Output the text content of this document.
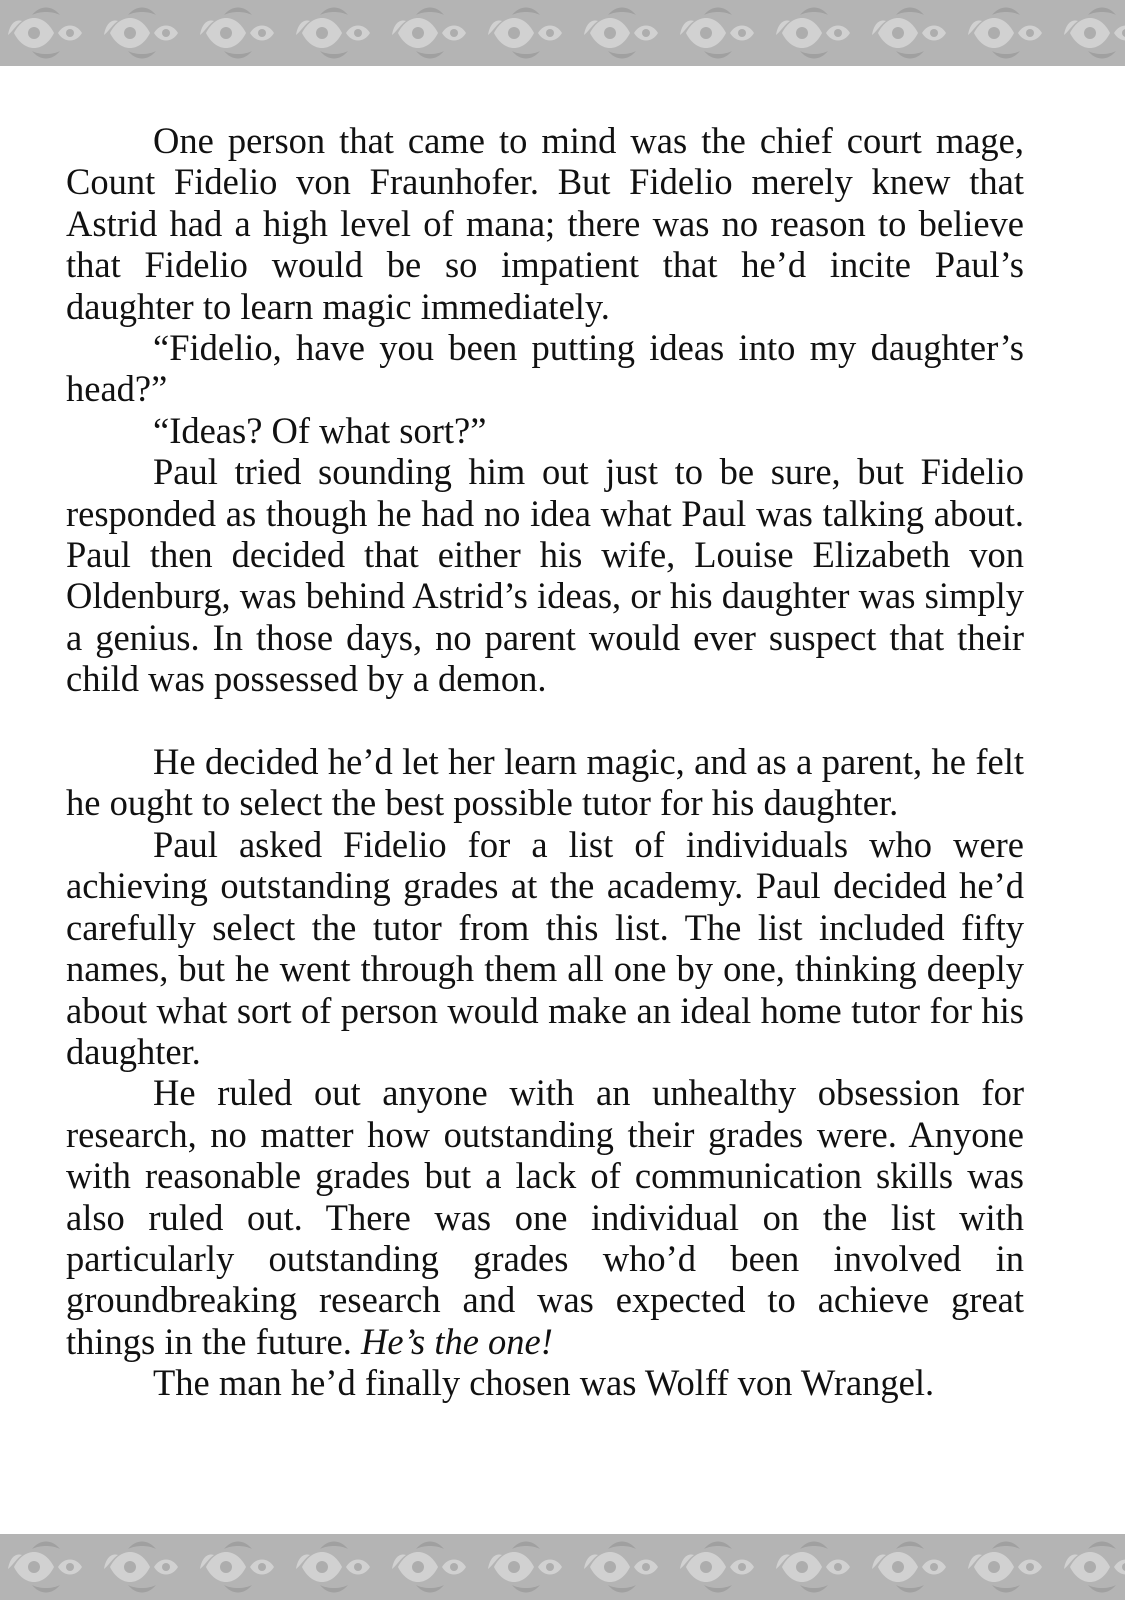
One person that came to mind was the chief court mage, Count Fidelio von Fraunhofer. But Fidelio merely knew that Astrid had a high level of mana; there was no reason to believe that Fidelio would be so impatient that he’d incite Paul’s daughter to learn magic immediately.

“Fidelio, have you been putting ideas into my daughter’s head?”

“Ideas? Of what sort?”

Paul tried sounding him out just to be sure, but Fidelio responded as though he had no idea what Paul was talking about. Paul then decided that either his wife, Louise Elizabeth von Oldenburg, was behind Astrid’s ideas, or his daughter was simply a genius. In those days, no parent would ever suspect that their child was possessed by a demon.

He decided he’d let her learn magic, and as a parent, he felt he ought to select the best possible tutor for his daughter.

Paul asked Fidelio for a list of individuals who were achieving outstanding grades at the academy. Paul decided he’d carefully select the tutor from this list. The list included fifty names, but he went through them all one by one, thinking deeply about what sort of person would make an ideal home tutor for his daughter.

He ruled out anyone with an unhealthy obsession for research, no matter how outstanding their grades were. Anyone with reasonable grades but a lack of communication skills was also ruled out. There was one individual on the list with particularly outstanding grades who’d been involved in groundbreaking research and was expected to achieve great things in the future. He’s the one!

The man he’d finally chosen was Wolff von Wrangel.
